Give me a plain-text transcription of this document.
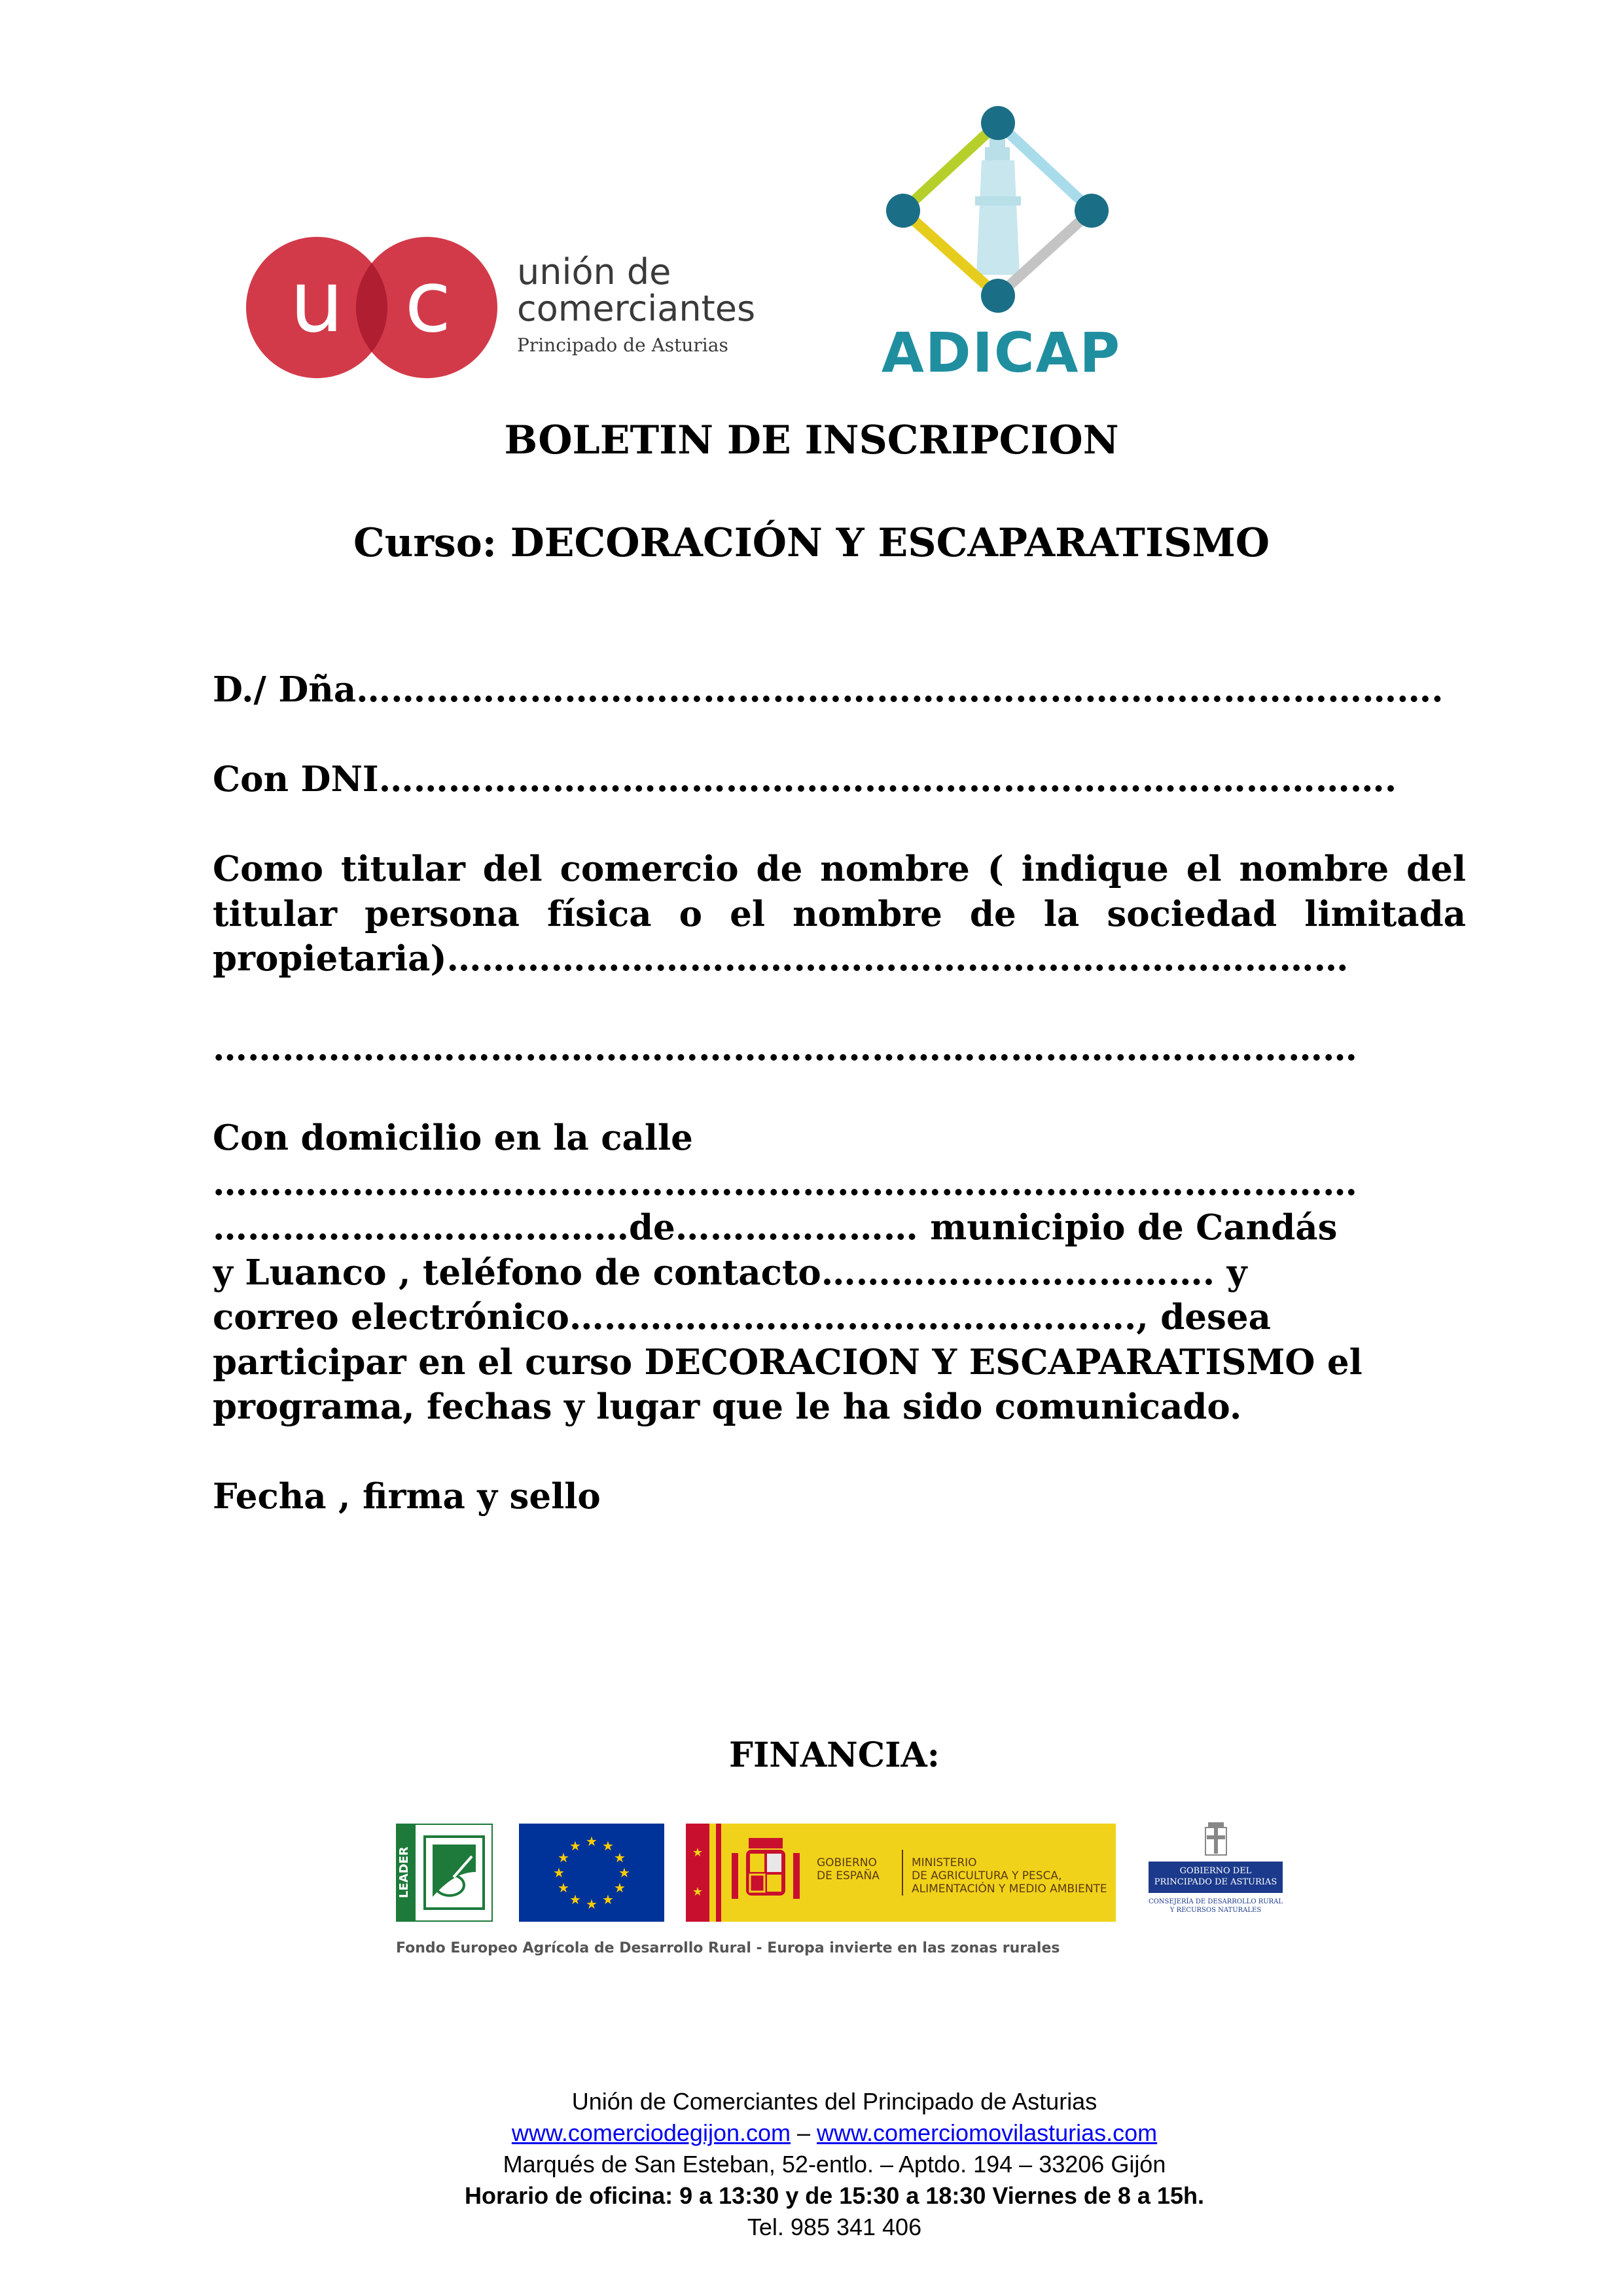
u c unión de
comerciantes
Principado de Asturias	ADICAP
BOLETIN DE INSCRIPCION
Curso: DECORACIÓN Y ESCAPARATISMO
D./ Dña………………………………………………………………………………….
Con DNI…………………………………………………………………………….
Como titular del comercio de nombre ( indique el nombre del
titular persona física o el nombre de la sociedad limitada
propietaria)……………………………………………………………………
………………………………………………………………………………………
Con domicilio en la calle
………………………………………………………………………………………
………………………………de………………… municipio de Candás
y Luanco , teléfono de contacto……………………………. y
correo electrónico…………………………………………., desea
participar en el curso DECORACION Y ESCAPARATISMO el
programa, fechas y lugar que le ha sido comunicado.
Fecha , firma y sello
FINANCIA:
LEADER
★ ★
★
★
★
★
★
★
★
★
★
★	★
★
GOBIERNO
DE ESPAÑA
MINISTERIO
DE AGRICULTURA Y PESCA,
ALIMENTACIÓN Y MEDIO AMBIENTE
GOBIERNO DEL
PRINCIPADO DE ASTURIAS
CONSEJERÍA DE DESARROLLO RURAL
Y RECURSOS NATURALES
Fondo Europeo Agrícola de Desarrollo Rural - Europa invierte en las zonas rurales
Unión de Comerciantes del Principado de Asturias
www.comerciodegijon.com – www.comerciomovilasturias.com
Marqués de San Esteban, 52-entlo. – Aptdo. 194 – 33206 Gijón
Horario de oficina: 9 a 13:30 y de 15:30 a 18:30 Viernes de 8 a 15h.
Tel. 985 341 406
